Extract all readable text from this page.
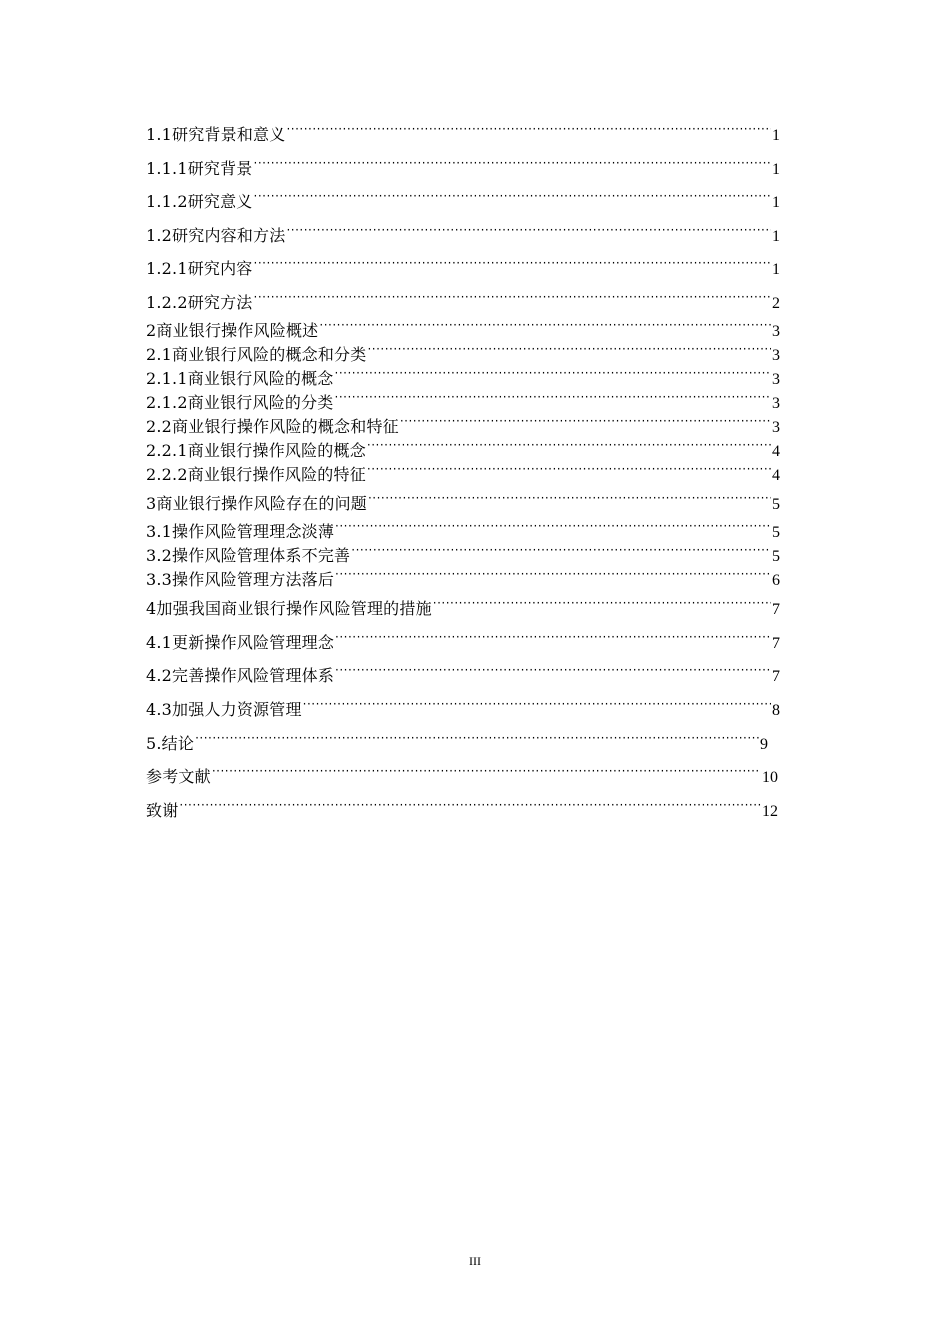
1.1研究背景和意义 ·····	1
1.1.1研究背景 ·····	1
1.1.2研究意义 ·····	1
1.2研究内容和方法 ·····	1
1.2.1研究内容 ·····	1
1.2.2研究方法 ·····	2
2商业银行操作风险概述 ·····	3
2.1商业银行风险的概念和分类 ·····	3
2.1.1商业银行风险的概念 ·····	3
2.1.2商业银行风险的分类 ·····	3
2.2商业银行操作风险的概念和特征 ·····	3
2.2.1商业银行操作风险的概念 ·····	4
2.2.2商业银行操作风险的特征 ·····	4
3商业银行操作风险存在的问题 ·····	5
3.1操作风险管理理念淡薄 ·····	5
3.2操作风险管理体系不完善 ·····	5
3.3操作风险管理方法落后 ·····	6
4加强我国商业银行操作风险管理的措施 ·····	7
4.1更新操作风险管理理念 ·····	7
4.2完善操作风险管理体系 ·····	7
4.3加强人力资源管理 ·····	8
5.结论 ·····	9
参考文献 ·····	10
致谢 ·····	12
III
